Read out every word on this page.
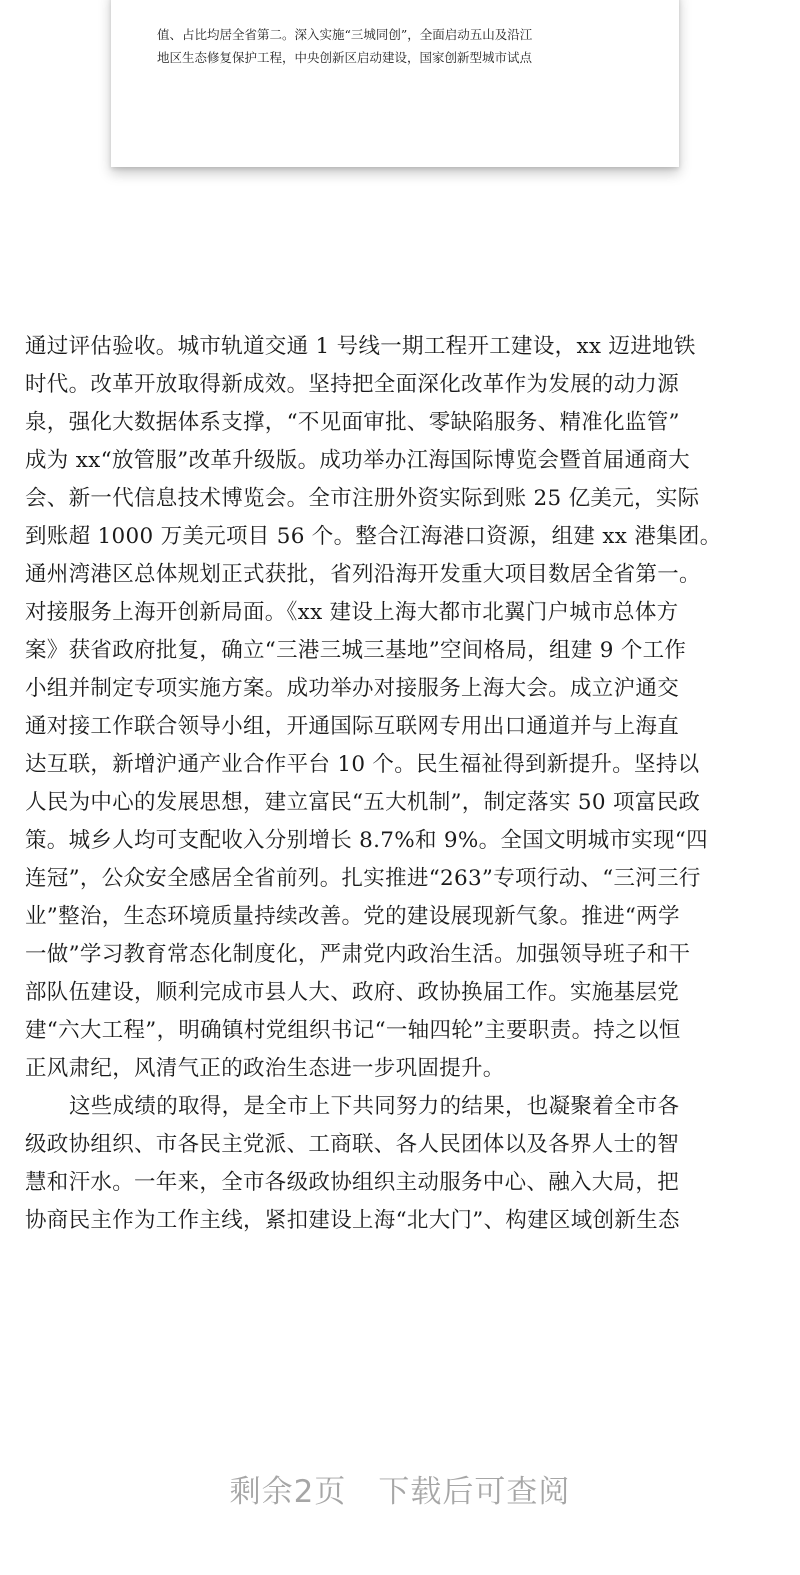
值、占比均居全省第二。深入实施“三城同创”，全面启动五山及沿江
地区生态修复保护工程，中央创新区启动建设，国家创新型城市试点
通过评估验收。城市轨道交通 1 号线一期工程开工建设，xx 迈进地铁
时代。改革开放取得新成效。坚持把全面深化改革作为发展的动力源
泉，强化大数据体系支撑，“不见面审批、零缺陷服务、精准化监管”
成为 xx“放管服”改革升级版。成功举办江海国际博览会暨首届通商大
会、新一代信息技术博览会。全市注册外资实际到账 25 亿美元，实际
到账超 1000 万美元项目 56 个。整合江海港口资源，组建 xx 港集团。
通州湾港区总体规划正式获批，省列沿海开发重大项目数居全省第一。
对接服务上海开创新局面。《xx 建设上海大都市北翼门户城市总体方
案》获省政府批复，确立“三港三城三基地”空间格局，组建 9 个工作
小组并制定专项实施方案。成功举办对接服务上海大会。成立沪通交
通对接工作联合领导小组，开通国际互联网专用出口通道并与上海直
达互联，新增沪通产业合作平台 10 个。民生福祉得到新提升。坚持以
人民为中心的发展思想，建立富民“五大机制”，制定落实 50 项富民政
策。城乡人均可支配收入分别增长 8.7%和 9%。全国文明城市实现“四
连冠”，公众安全感居全省前列。扎实推进“263”专项行动、“三河三行
业”整治，生态环境质量持续改善。党的建设展现新气象。推进“两学
一做”学习教育常态化制度化，严肃党内政治生活。加强领导班子和干
部队伍建设，顺利完成市县人大、政府、政协换届工作。实施基层党
建“六大工程”，明确镇村党组织书记“一轴四轮”主要职责。持之以恒
正风肃纪，风清气正的政治生态进一步巩固提升。
这些成绩的取得，是全市上下共同努力的结果，也凝聚着全市各
级政协组织、市各民主党派、工商联、各人民团体以及各界人士的智
慧和汗水。一年来，全市各级政协组织主动服务中心、融入大局，把
协商民主作为工作主线，紧扣建设上海“北大门”、构建区域创新生态
剩余2页　下载后可查阅
